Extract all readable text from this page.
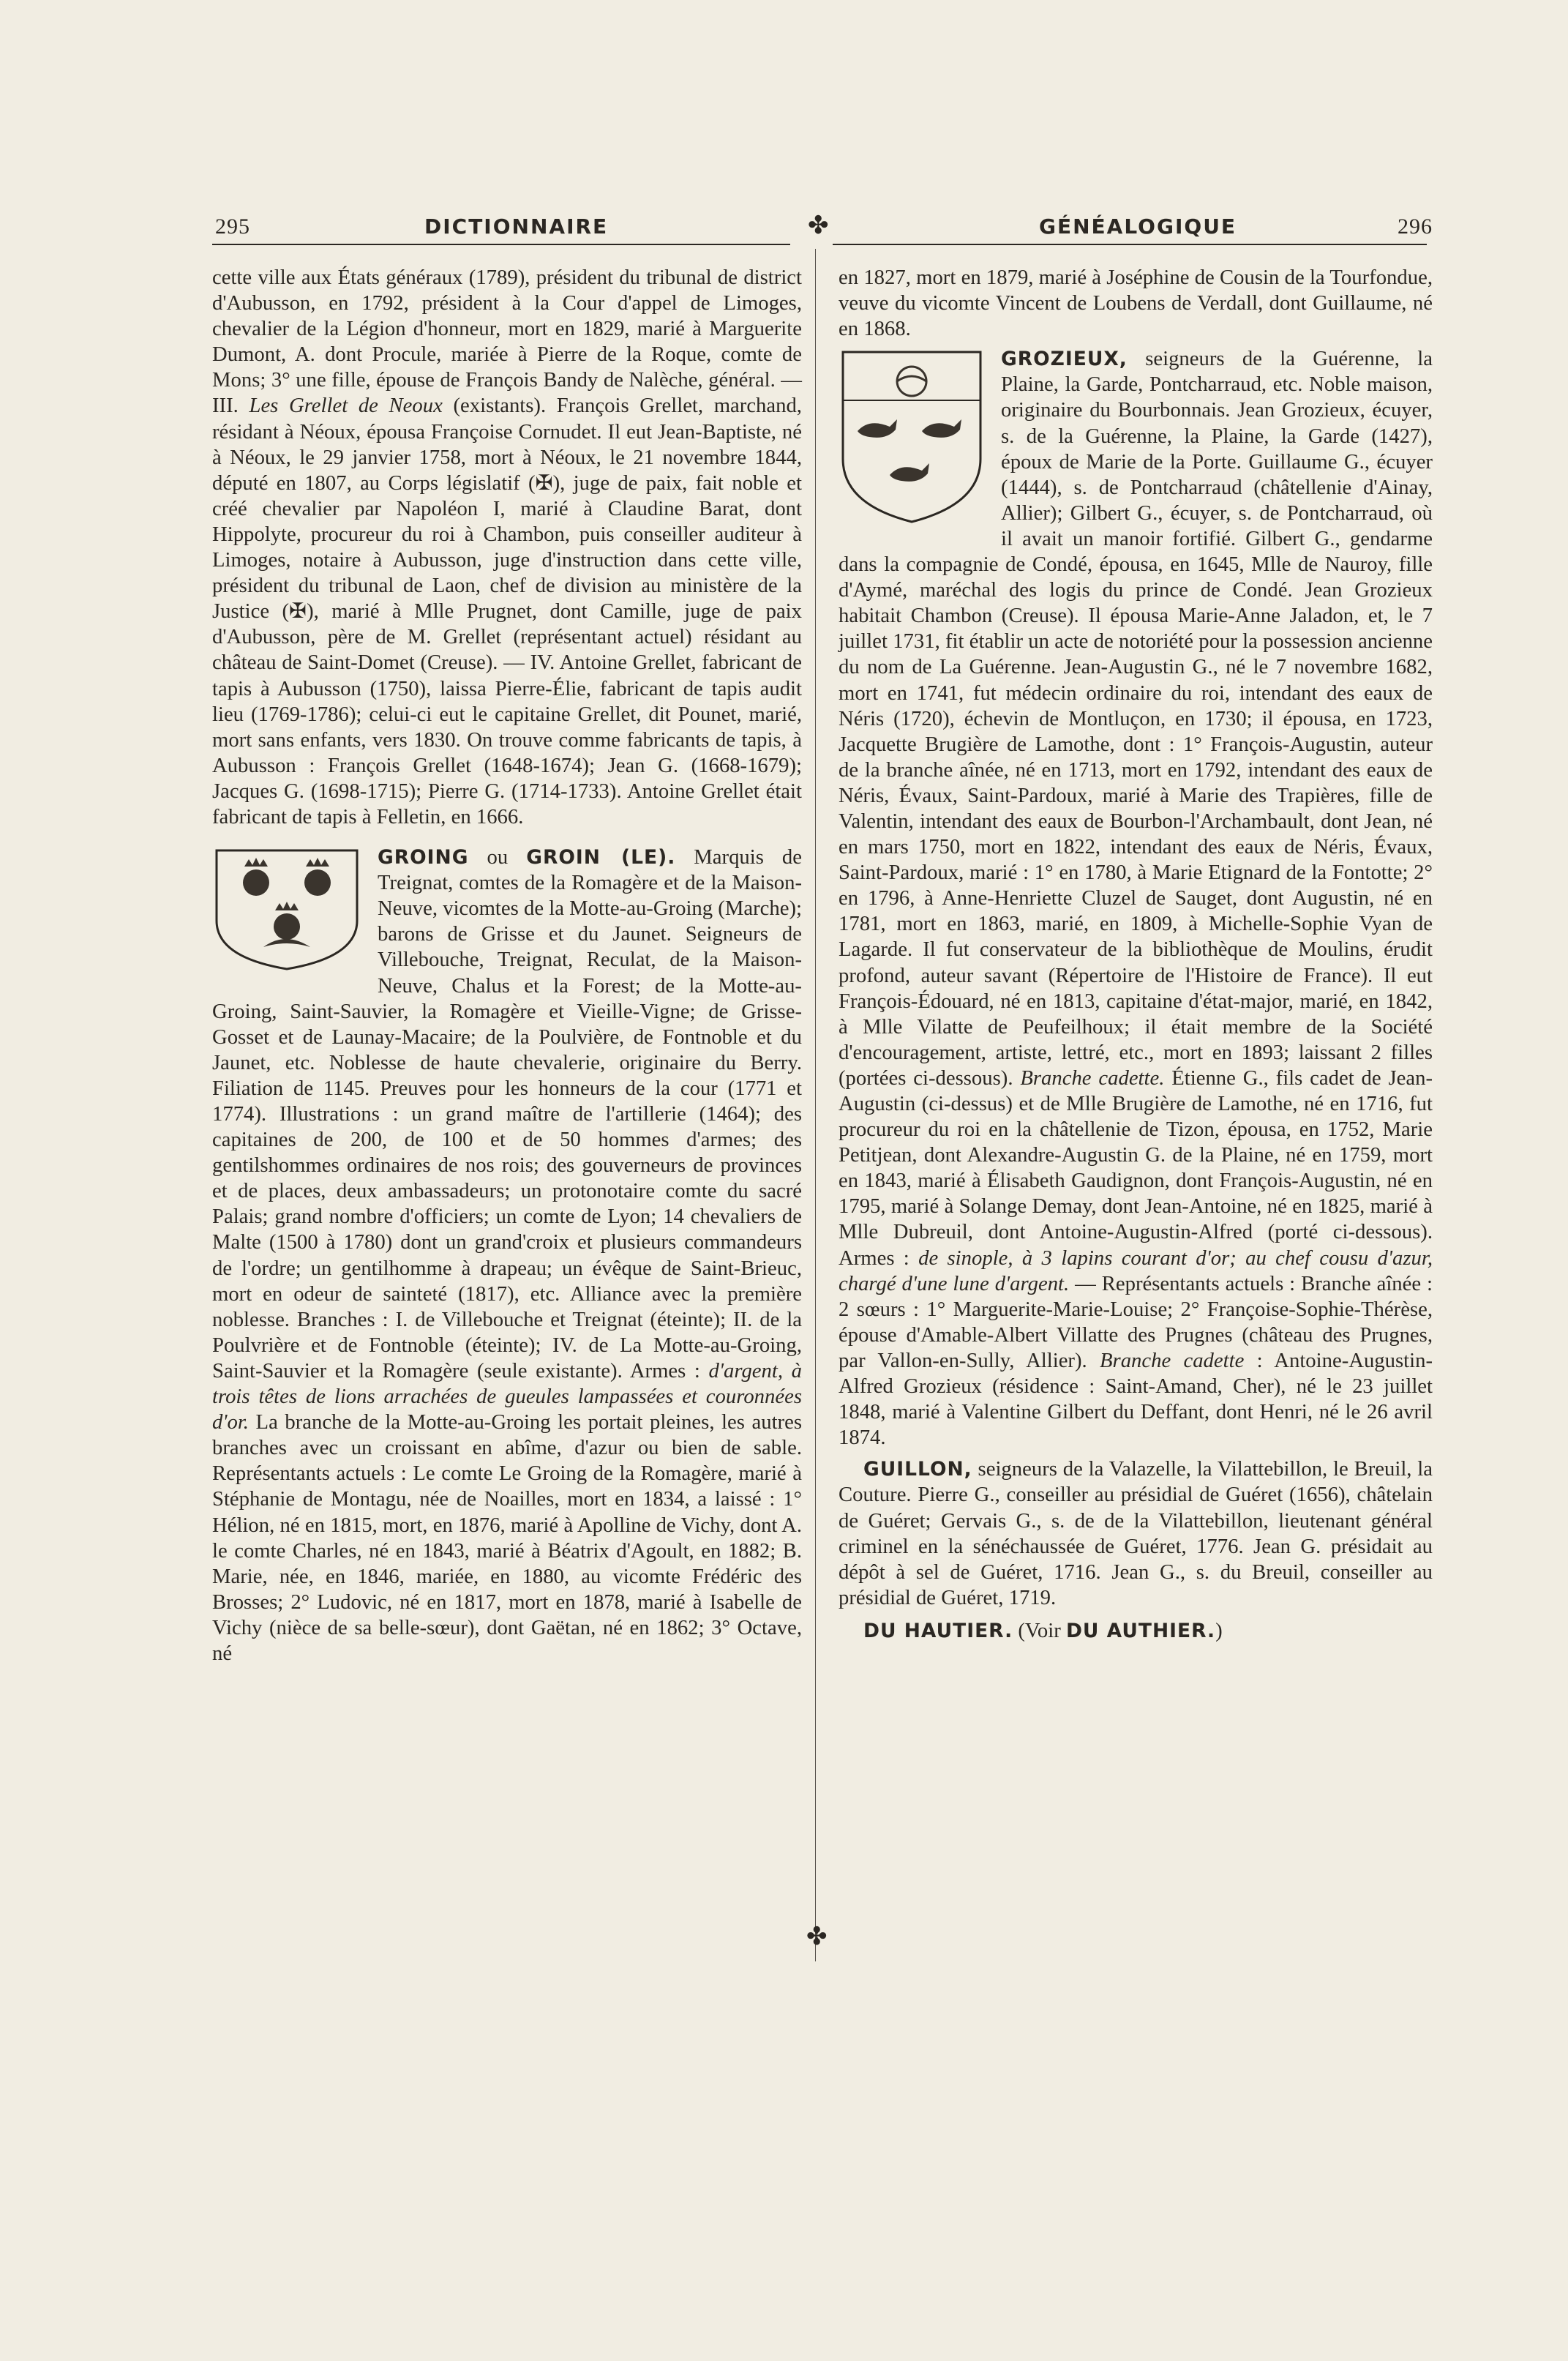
295	DICTIONNAIRE	✤	GÉNÉALOGIQUE	296
✤

cette ville aux États généraux (1789), président du tribunal de district d'Aubusson, en 1792, président à la Cour d'appel de Limoges, chevalier de la Légion d'honneur, mort en 1829, marié à Marguerite Dumont, A. dont Procule, mariée à Pierre de la Roque, comte de Mons; 3° une fille, épouse de François Bandy de Nalèche, général. — III. Les Grellet de Neoux (existants). François Grellet, marchand, résidant à Néoux, épousa Françoise Cornudet. Il eut Jean-Baptiste, né à Néoux, le 29 janvier 1758, mort à Néoux, le 21 novembre 1844, député en 1807, au Corps législatif (✠), juge de paix, fait noble et créé chevalier par Napoléon I, marié à Claudine Barat, dont Hippolyte, procureur du roi à Chambon, puis conseiller auditeur à Limoges, notaire à Aubusson, juge d'instruction dans cette ville, président du tribunal de Laon, chef de division au ministère de la Justice (✠), marié à Mlle Prugnet, dont Camille, juge de paix d'Aubusson, père de M. Grellet (représentant actuel) résidant au château de Saint-Domet (Creuse). — IV. Antoine Grellet, fabricant de tapis à Aubusson (1750), laissa Pierre-Élie, fabricant de tapis audit lieu (1769-1786); celui-ci eut le capitaine Grellet, dit Pounet, marié, mort sans enfants, vers 1830. On trouve comme fabricants de tapis, à Aubusson : François Grellet (1648-1674); Jean G. (1668-1679); Jacques G. (1698-1715); Pierre G. (1714-1733). Antoine Grellet était fabricant de tapis à Felletin, en 1666.

GROING ou GROIN (LE). Marquis de Treignat, comtes de la Romagère et de la Maison-Neuve, vicomtes de la Motte-au-Groing (Marche); barons de Grisse et du Jaunet. Seigneurs de Villebouche, Treignat, Reculat, de la Maison-Neuve, Chalus et la Forest; de la Motte-au-Groing, Saint-Sauvier, la Romagère et Vieille-Vigne; de Grisse-Gosset et de Launay-Macaire; de la Poulvière, de Fontnoble et du Jaunet, etc. Noblesse de haute chevalerie, originaire du Berry. Filiation de 1145. Preuves pour les honneurs de la cour (1771 et 1774). Illustrations : un grand maître de l'artillerie (1464); des capitaines de 200, de 100 et de 50 hommes d'armes; des gentilshommes ordinaires de nos rois; des gouverneurs de provinces et de places, deux ambassadeurs; un protonotaire comte du sacré Palais; grand nombre d'officiers; un comte de Lyon; 14 chevaliers de Malte (1500 à 1780) dont un grand'croix et plusieurs commandeurs de l'ordre; un gentilhomme à drapeau; un évêque de Saint-Brieuc, mort en odeur de sainteté (1817), etc. Alliance avec la première noblesse. Branches : I. de Villebouche et Treignat (éteinte); II. de la Poulvrière et de Fontnoble (éteinte); IV. de La Motte-au-Groing, Saint-Sauvier et la Romagère (seule existante). Armes : d'argent, à trois têtes de lions arrachées de gueules lampassées et couronnées d'or. La branche de la Motte-au-Groing les portait pleines, les autres branches avec un croissant en abîme, d'azur ou bien de sable. Représentants actuels : Le comte Le Groing de la Romagère, marié à Stéphanie de Montagu, née de Noailles, mort en 1834, a laissé : 1° Hélion, né en 1815, mort, en 1876, marié à Apolline de Vichy, dont A. le comte Charles, né en 1843, marié à Béatrix d'Agoult, en 1882; B. Marie, née, en 1846, mariée, en 1880, au vicomte Frédéric des Brosses; 2° Ludovic, né en 1817, mort en 1878, marié à Isabelle de Vichy (nièce de sa belle-sœur), dont Gaëtan, né en 1862; 3° Octave, né

en 1827, mort en 1879, marié à Joséphine de Cousin de la Tourfondue, veuve du vicomte Vincent de Loubens de Verdall, dont Guillaume, né en 1868.

GROZIEUX, seigneurs de la Guérenne, la Plaine, la Garde, Pontcharraud, etc. Noble maison, originaire du Bourbonnais. Jean Grozieux, écuyer, s. de la Guérenne, la Plaine, la Garde (1427), époux de Marie de la Porte. Guillaume G., écuyer (1444), s. de Pontcharraud (châtellenie d'Ainay, Allier); Gilbert G., écuyer, s. de Pontcharraud, où il avait un manoir fortifié. Gilbert G., gendarme dans la compagnie de Condé, épousa, en 1645, Mlle de Nauroy, fille d'Aymé, maréchal des logis du prince de Condé. Jean Grozieux habitait Chambon (Creuse). Il épousa Marie-Anne Jaladon, et, le 7 juillet 1731, fit établir un acte de notoriété pour la possession ancienne du nom de La Guérenne. Jean-Augustin G., né le 7 novembre 1682, mort en 1741, fut médecin ordinaire du roi, intendant des eaux de Néris (1720), échevin de Montluçon, en 1730; il épousa, en 1723, Jacquette Brugière de Lamothe, dont : 1° François-Augustin, auteur de la branche aînée, né en 1713, mort en 1792, intendant des eaux de Néris, Évaux, Saint-Pardoux, marié à Marie des Trapières, fille de Valentin, intendant des eaux de Bourbon-l'Archambault, dont Jean, né en mars 1750, mort en 1822, intendant des eaux de Néris, Évaux, Saint-Pardoux, marié : 1° en 1780, à Marie Etignard de la Fontotte; 2° en 1796, à Anne-Henriette Cluzel de Sauget, dont Augustin, né en 1781, mort en 1863, marié, en 1809, à Michelle-Sophie Vyan de Lagarde. Il fut conservateur de la bibliothèque de Moulins, érudit profond, auteur savant (Répertoire de l'Histoire de France). Il eut François-Édouard, né en 1813, capitaine d'état-major, marié, en 1842, à Mlle Vilatte de Peufeilhoux; il était membre de la Société d'encouragement, artiste, lettré, etc., mort en 1893; laissant 2 filles (portées ci-dessous). Branche cadette. Étienne G., fils cadet de Jean-Augustin (ci-dessus) et de Mlle Brugière de Lamothe, né en 1716, fut procureur du roi en la châtellenie de Tizon, épousa, en 1752, Marie Petitjean, dont Alexandre-Augustin G. de la Plaine, né en 1759, mort en 1843, marié à Élisabeth Gaudignon, dont François-Augustin, né en 1795, marié à Solange Demay, dont Jean-Antoine, né en 1825, marié à Mlle Dubreuil, dont Antoine-Augustin-Alfred (porté ci-dessous). Armes : de sinople, à 3 lapins courant d'or; au chef cousu d'azur, chargé d'une lune d'argent. — Représentants actuels : Branche aînée : 2 sœurs : 1° Marguerite-Marie-Louise; 2° Françoise-Sophie-Thérèse, épouse d'Amable-Albert Villatte des Prugnes (château des Prugnes, par Vallon-en-Sully, Allier). Branche cadette : Antoine-Augustin-Alfred Grozieux (résidence : Saint-Amand, Cher), né le 23 juillet 1848, marié à Valentine Gilbert du Deffant, dont Henri, né le 26 avril 1874.

GUILLON, seigneurs de la Valazelle, la Vilattebillon, le Breuil, la Couture. Pierre G., conseiller au présidial de Guéret (1656), châtelain de Guéret; Gervais G., s. de de la Vilattebillon, lieutenant général criminel en la sénéchaussée de Guéret, 1776. Jean G. présidait au dépôt à sel de Guéret, 1716. Jean G., s. du Breuil, conseiller au présidial de Guéret, 1719.

DU HAUTIER. (Voir DU AUTHIER.)
